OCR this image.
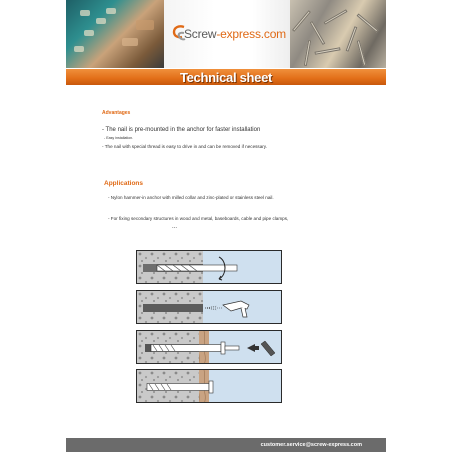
Screw-express.com
Technical sheet
Advantages
- The nail is pre-mounted in the anchor for faster installation
- Easy installation.
- The nail with special thread is easy to drive in and can be removed if necessary.
Applications
- Nylon hammer-in anchor with milled collar and zinc-plated or stainless steel nail.
- For fixing secondary structures in wood and metal, baseboards, cable and pipe clamps,
...
customer.service@screw-express.com
